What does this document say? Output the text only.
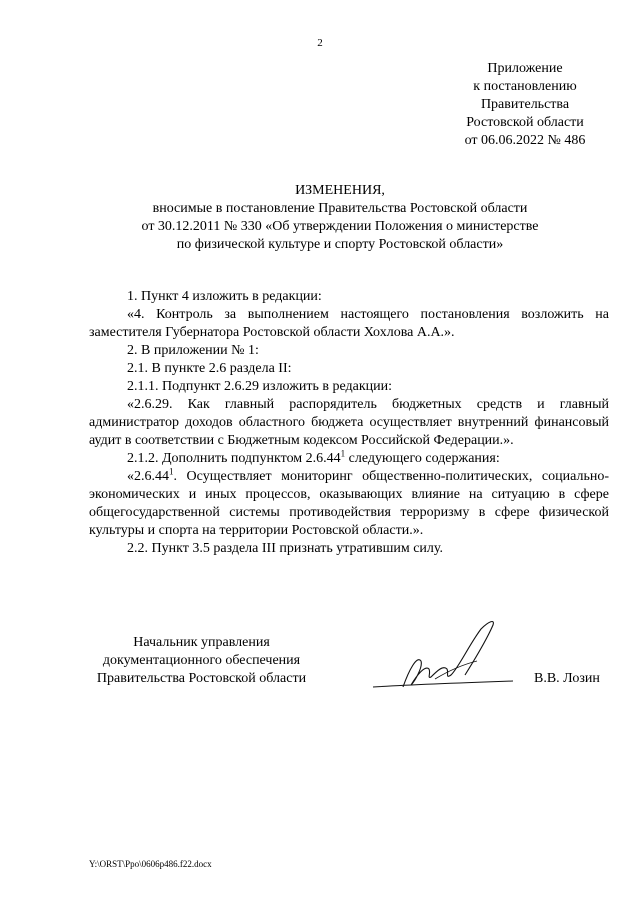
2
Приложение
к постановлению
Правительства
Ростовской области
от 06.06.2022 № 486
ИЗМЕНЕНИЯ,
вносимые в постановление Правительства Ростовской области
от 30.12.2011 № 330 «Об утверждении Положения о министерстве
по физической культуре и спорту Ростовской области»

1. Пункт 4 изложить в редакции:

«4. Контроль за выполнением настоящего постановления возложить на заместителя Губернатора Ростовской области Хохлова А.А.».

2. В приложении № 1:

2.1. В пункте 2.6 раздела II:

2.1.1. Подпункт 2.6.29 изложить в редакции:

«2.6.29. Как главный распорядитель бюджетных средств и главный администратор доходов областного бюджета осуществляет внутренний финансовый аудит в соответствии с Бюджетным кодексом Российской Федерации.».

2.1.2. Дополнить подпунктом 2.6.44$^1$ следующего содержания:

«2.6.44$^1$. Осуществляет мониторинг общественно-политических, социально-экономических и иных процессов, оказывающих влияние на ситуацию в сфере общегосударственной системы противодействия терроризму в сфере физической культуры и спорта на территории Ростовской области.».

2.2. Пункт 3.5 раздела III признать утратившим силу.

Начальник управления
документационного обеспечения
Правительства Ростовской области	В.В. Лозин
Y:\ORST\Ppo\0606p486.f22.docx
